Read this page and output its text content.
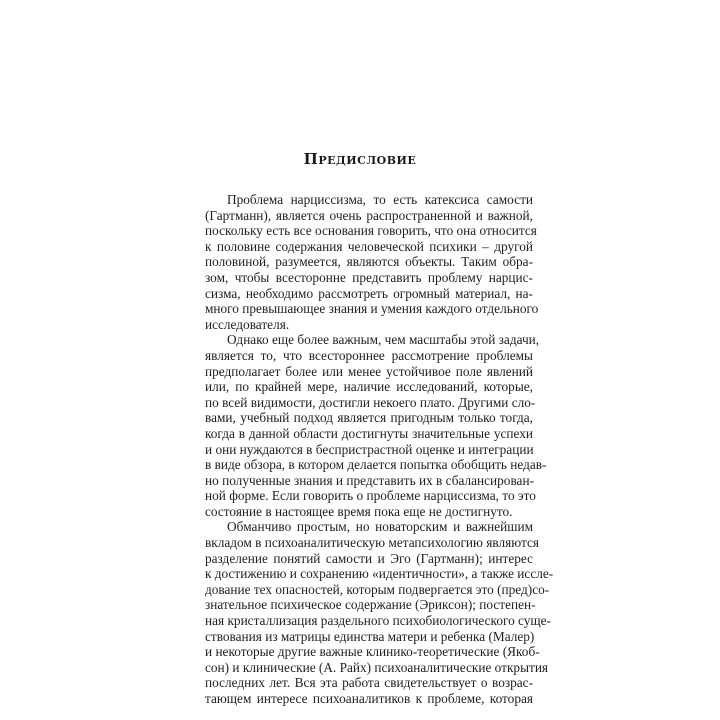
Предисловие
Проблема нарциссизма, то есть катексиса самости
(Гартманн), является очень распространенной и важной,
поскольку есть все основания говорить, что она относится
к половине содержания человеческой психики – другой
половиной, разумеется, являются объекты. Таким обра-
зом, чтобы всесторонне представить проблему нарцис-
сизма, необходимо рассмотреть огромный материал, на-
много превышающее знания и умения каждого отдельного
исследователя.
Однако еще более важным, чем масштабы этой задачи,
является то, что всестороннее рассмотрение проблемы
предполагает более или менее устойчивое поле явлений
или, по крайней мере, наличие исследований, которые,
по всей видимости, достигли некоего плато. Другими сло-
вами, учебный подход является пригодным только тогда,
когда в данной области достигнуты значительные успехи
и они нуждаются в беспристрастной оценке и интеграции
в виде обзора, в котором делается попытка обобщить недав-
но полученные знания и представить их в сбалансирован-
ной форме. Если говорить о проблеме нарциссизма, то это
состояние в настоящее время пока еще не достигнуто.
Обманчиво простым, но новаторским и важнейшим
вкладом в психоаналитическую метапсихологию являются
разделение понятий самости и Эго (Гартманн); интерес
к достижению и сохранению «идентичности», а также иссле-
дование тех опасностей, которым подвергается это (пред)со-
знательное психическое содержание (Эриксон); постепен-
ная кристаллизация раздельного психобиологического суще-
ствования из матрицы единства матери и ребенка (Малер)
и некоторые другие важные клинико-теоретические (Якоб-
сон) и клинические (А. Райх) психоаналитические открытия
последних лет. Вся эта работа свидетельствует о возрас-
тающем интересе психоаналитиков к проблеме, которая
